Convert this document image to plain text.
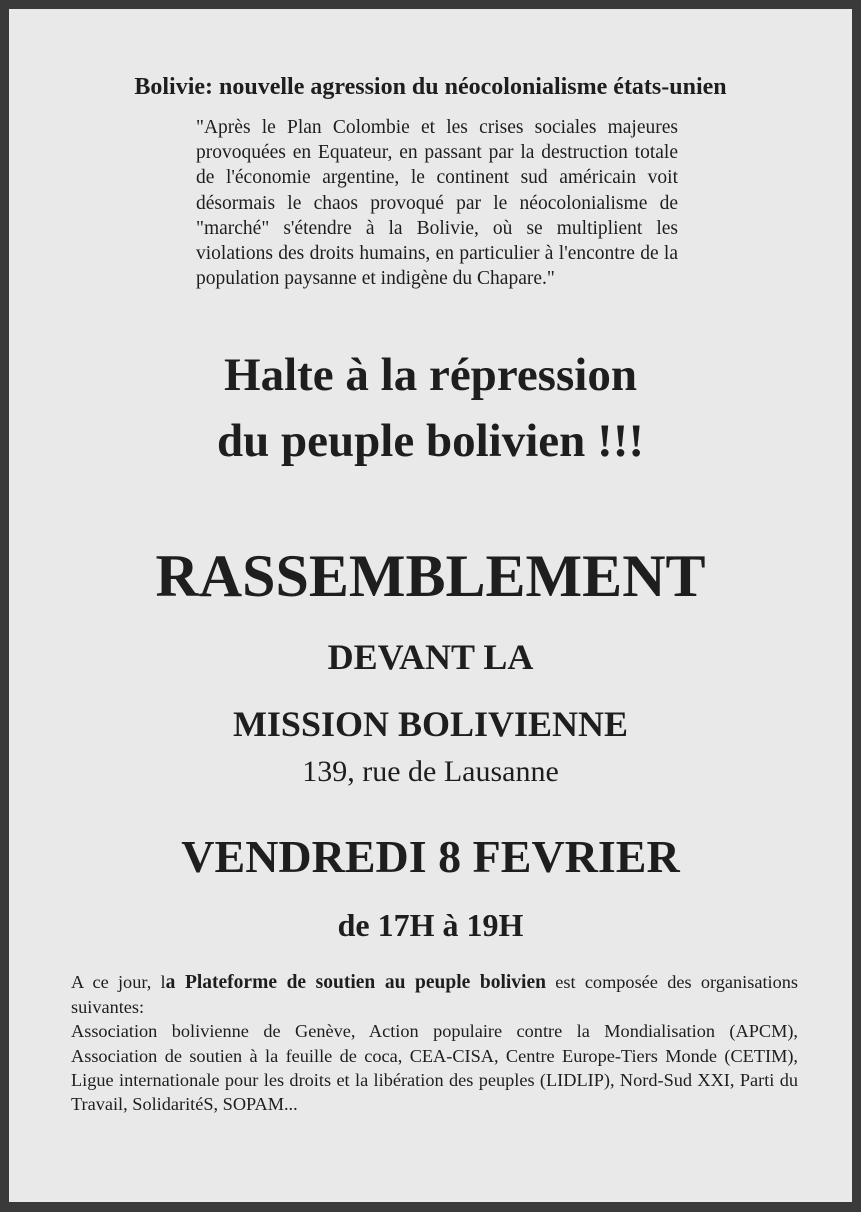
Bolivie: nouvelle agression du néocolonialisme états-unien
"Après le Plan Colombie et les crises sociales majeures provoquées en Equateur, en passant par la destruction totale de l'économie argentine, le continent sud américain voit désormais le chaos provoqué par le néocolonialisme de "marché" s'étendre à la Bolivie, où se multiplient les violations des droits humains, en particulier à l'encontre de la population paysanne et indigène du Chapare."
Halte à la répression
du peuple bolivien !!!
RASSEMBLEMENT
DEVANT LA
MISSION BOLIVIENNE
139, rue de Lausanne
VENDREDI 8 FEVRIER
de 17H à 19H
A ce jour, la Plateforme de soutien au peuple bolivien est composée des organisations suivantes:
Association bolivienne de Genève, Action populaire contre la Mondialisation (APCM), Association de soutien à la feuille de coca, CEA-CISA, Centre Europe-Tiers Monde (CETIM), Ligue internationale pour les droits et la libération des peuples (LIDLIP), Nord-Sud XXI, Parti du Travail, SolidaritéS, SOPAM...
